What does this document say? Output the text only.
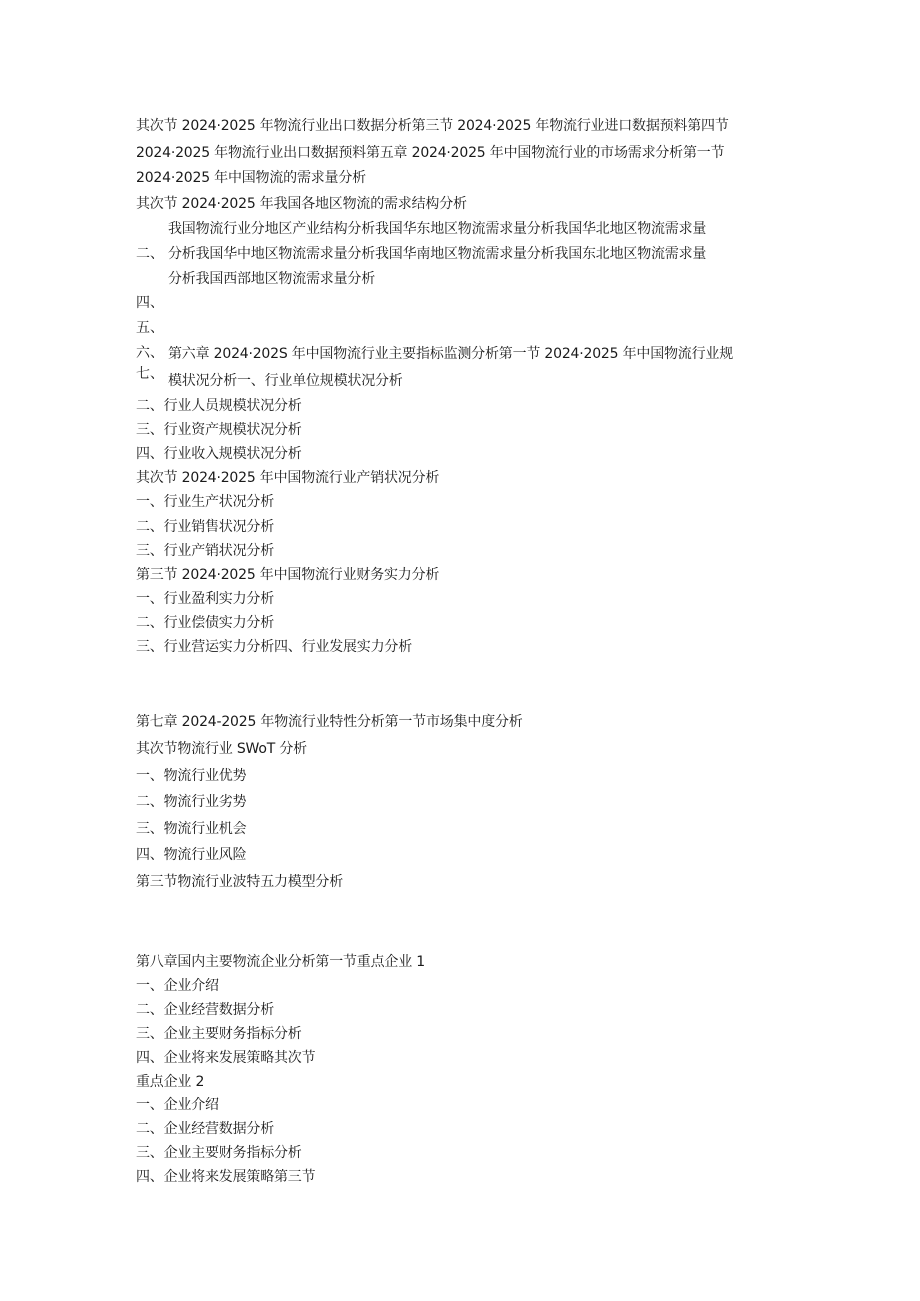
其次节 2024·2025 年物流行业出口数据分析第三节 2024·2025 年物流行业进口数据预料第四节
2024·2025 年物流行业出口数据预料第五章 2024·2025 年中国物流行业的市场需求分析第一节
2024·2025 年中国物流的需求量分析
其次节 2024·2025 年我国各地区物流的需求结构分析
我国物流行业分地区产业结构分析我国华东地区物流需求量分析我国华北地区物流需求量
二、 分析我国华中地区物流需求量分析我国华南地区物流需求量分析我国东北地区物流需求量
分析我国西部地区物流需求量分析
四、
五、
六、
七、
第六章 2024·202S 年中国物流行业主要指标监测分析第一节 2024·2025 年中国物流行业规
模状况分析一、行业单位规模状况分析
二、行业人员规模状况分析
三、行业资产规模状况分析
四、行业收入规模状况分析
其次节 2024·2025 年中国物流行业产销状况分析
一、行业生产状况分析
二、行业销售状况分析
三、行业产销状况分析
第三节 2024·2025 年中国物流行业财务实力分析
一、行业盈利实力分析
二、行业偿债实力分析
三、行业营运实力分析四、行业发展实力分析
第七章 2024-2025 年物流行业特性分析第一节市场集中度分析
其次节物流行业 SWoT 分析
一、物流行业优势
二、物流行业劣势
三、物流行业机会
四、物流行业风险
第三节物流行业波特五力模型分析
第八章国内主要物流企业分析第一节重点企业 1
一、企业介绍
二、企业经营数据分析
三、企业主要财务指标分析
四、企业将来发展策略其次节
重点企业 2
一、企业介绍
二、企业经营数据分析
三、企业主要财务指标分析
四、企业将来发展策略第三节
